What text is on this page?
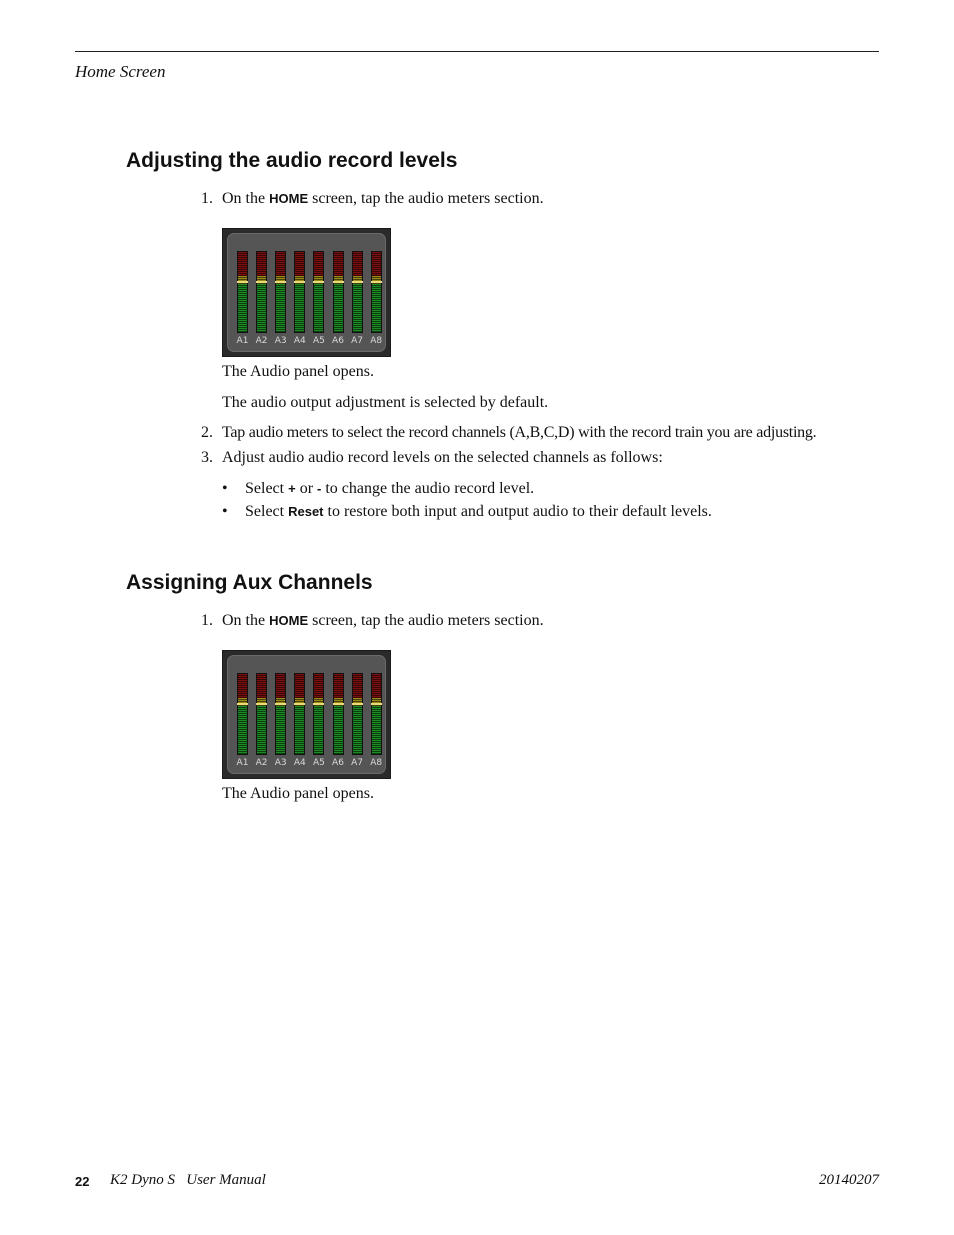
Home Screen
Adjusting the audio record levels
1. On the HOME screen, tap the audio meters section.
A1 A2 A3 A4 A5 A6 A7 A8
The Audio panel opens.
The audio output adjustment is selected by default.
2. Tap audio meters to select the record channels (A,B,C,D) with the record train you are adjusting.
3. Adjust audio audio record levels on the selected channels as follows:
• Select + or - to change the audio record level.
• Select Reset to restore both input and output audio to their default levels.
Assigning Aux Channels
1. On the HOME screen, tap the audio meters section.
A1 A2 A3 A4 A5 A6 A7 A8
The Audio panel opens.
22 K2 Dyno S   User Manual	20140207
